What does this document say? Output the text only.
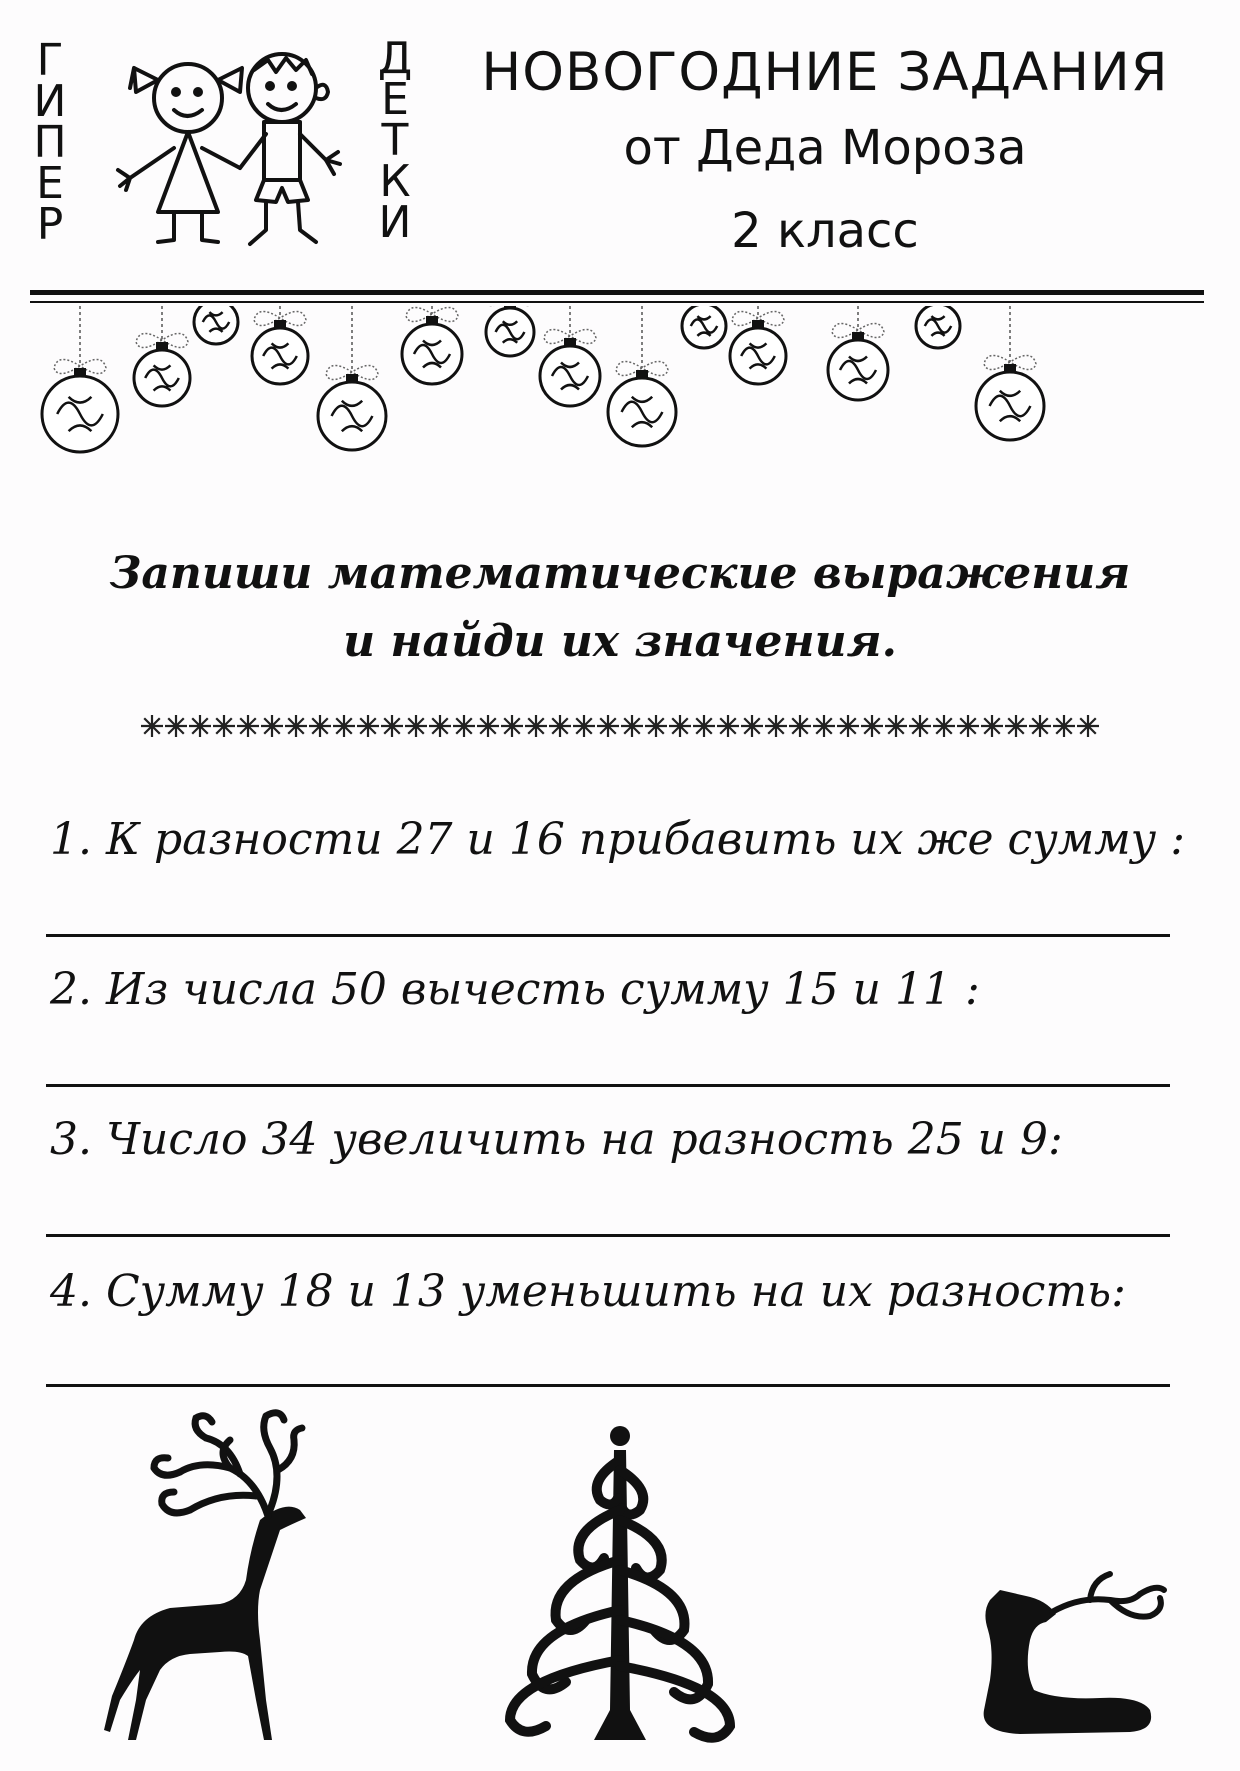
Г
И
П
Е
Р
Д
Е
Т
К
И
НОВОГОДНИЕ ЗАДАНИЯ
от Деда Мороза
2 класс
Запиши математические выражения
и найди их значения.
1. К разности 27 и 16 прибавить их же сумму :
2. Из числа 50 вычесть сумму 15 и 11 :
3. Число 34 увеличить на разность 25 и 9:
4. Сумму 18 и 13 уменьшить на их разность:
